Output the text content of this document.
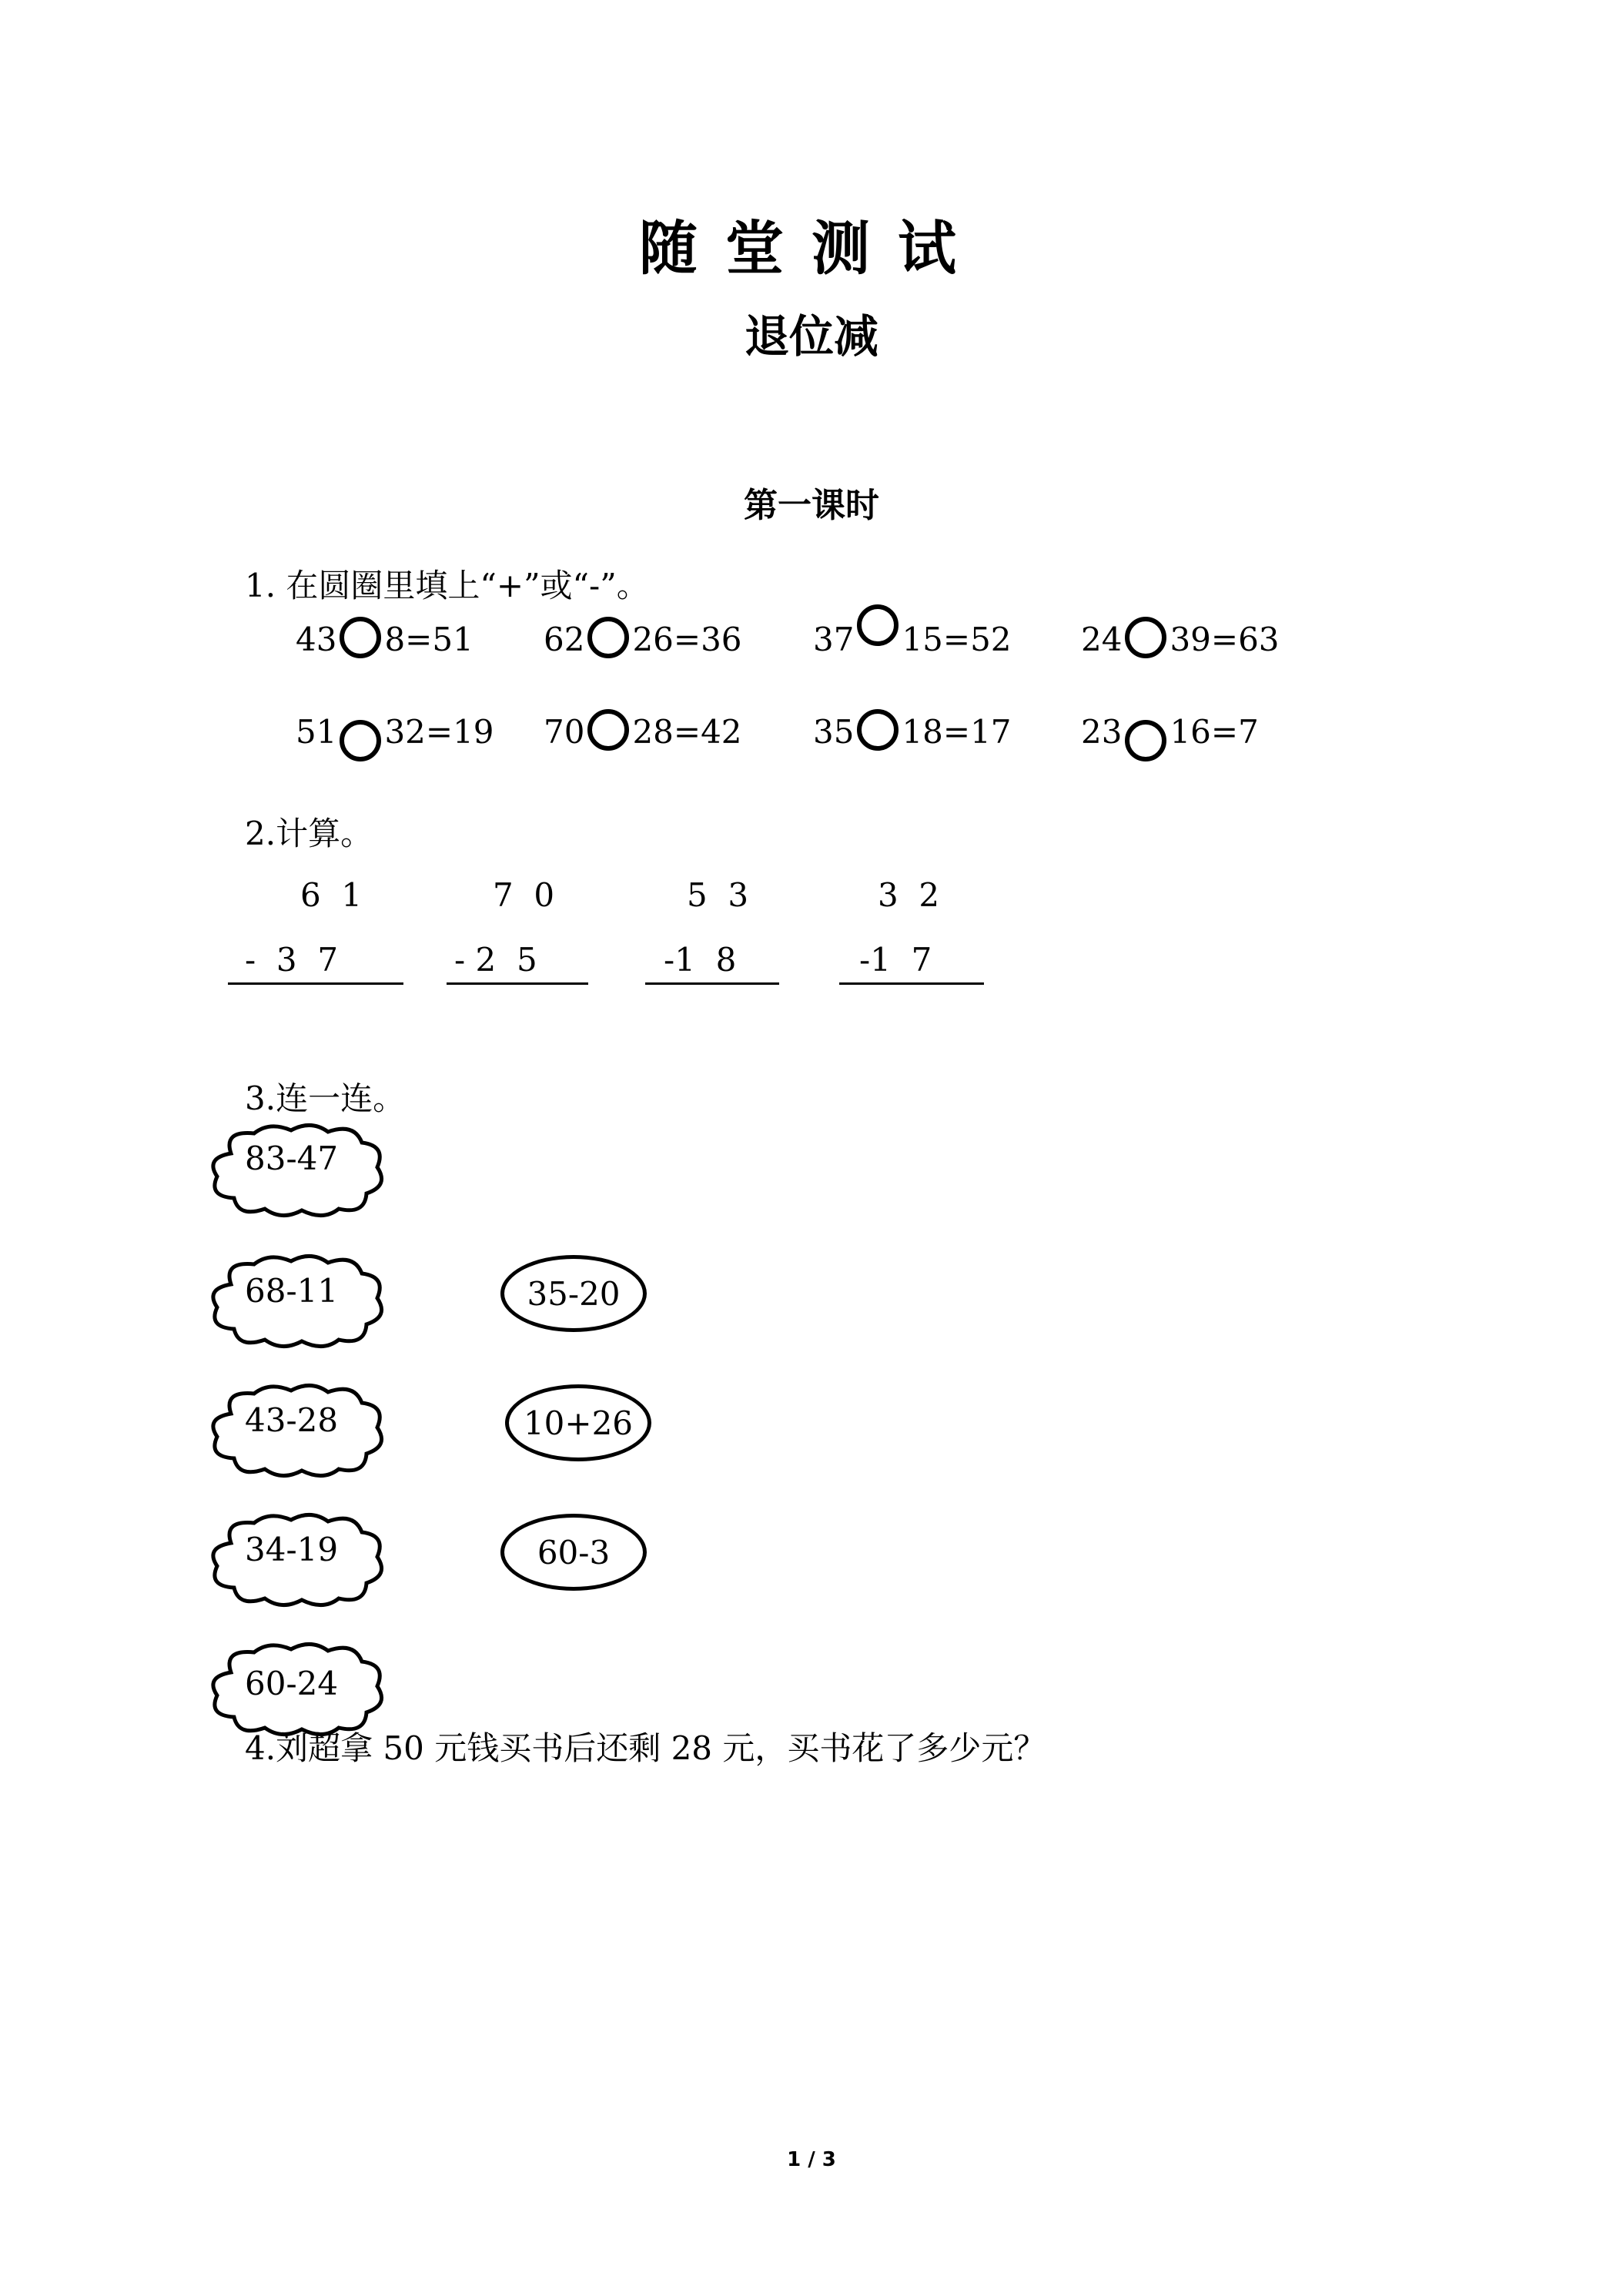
随堂测试
退位减
第一课时
1. 在圆圈里填上“+”或“-”。
43 8=51 62 26=36 37 15=52 24 39=63
51 32=19 70 28=42 35 18=17 23 16=7
2.计算。
6  1
-  3  7
7  0
- 2  5
5  3
-1  8
3  2
-1  7
3.连一连。
83-47
68-11
43-28
34-19
60-24
35-20
10+26
60-3
4.刘超拿 50 元钱买书后还剩 28 元，买书花了多少元？
1 / 3
